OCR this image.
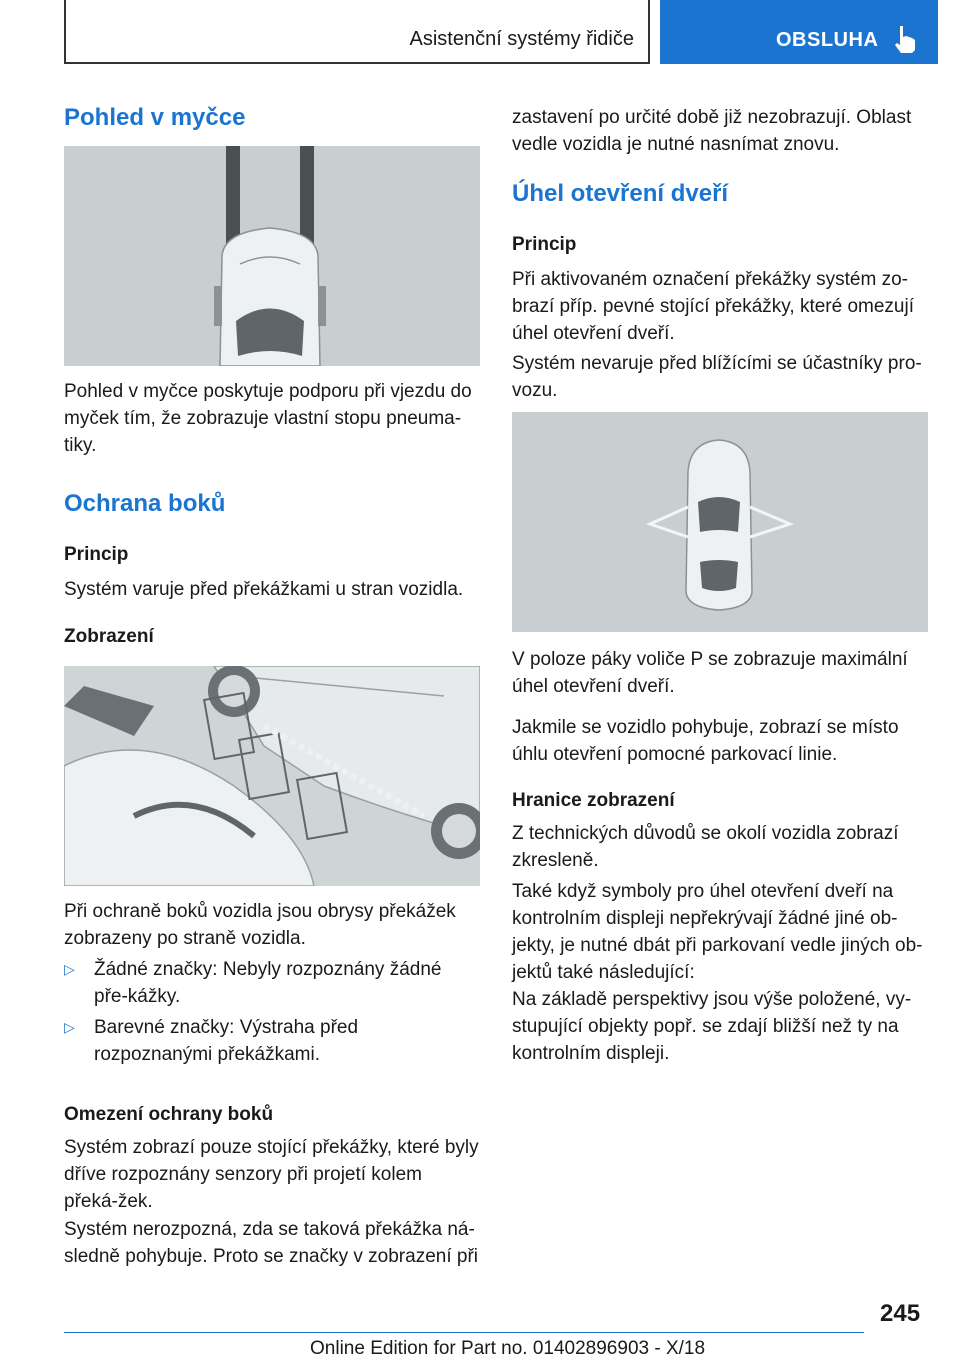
Asistenční systémy řidiče	OBSLUHA
Pohled v myčce
Pohled v myčce poskytuje podporu při vjezdu do myček tím, že zobrazuje vlastní stopu pneuma-tiky.
Ochrana boků
Princip
Systém varuje před překážkami u stran vozidla.
Zobrazení
Při ochraně boků vozidla jsou obrysy překážek zobrazeny po straně vozidla.
▷ Žádné značky: Nebyly rozpoznány žádné pře-kážky.
▷ Barevné značky: Výstraha před rozpoznanými překážkami.
Omezení ochrany boků
Systém zobrazí pouze stojící překážky, které byly dříve rozpoznány senzory při projetí kolem překá-žek.
Systém nerozpozná, zda se taková překážka ná-sledně pohybuje. Proto se značky v zobrazení při
zastavení po určité době již nezobrazují. Oblast vedle vozidla je nutné nasnímat znovu.
Úhel otevření dveří
Princip
Při aktivovaném označení překážky systém zo-brazí příp. pevné stojící překážky, které omezují úhel otevření dveří.
Systém nevaruje před blížícími se účastníky pro-vozu.
V poloze páky voliče P se zobrazuje maximální úhel otevření dveří.
Jakmile se vozidlo pohybuje, zobrazí se místo úhlu otevření pomocné parkovací linie.
Hranice zobrazení
Z technických důvodů se okolí vozidla zobrazí zkresleně.
Také když symboly pro úhel otevření dveří na kontrolním displeji nepřekrývají žádné jiné ob-jekty, je nutné dbát při parkovaní vedle jiných ob-jektů také následující:
Na základě perspektivy jsou výše položené, vy-stupující objekty popř. se zdají bližší než ty na kontrolním displeji.
245
Online Edition for Part no. 01402896903 - X/18
